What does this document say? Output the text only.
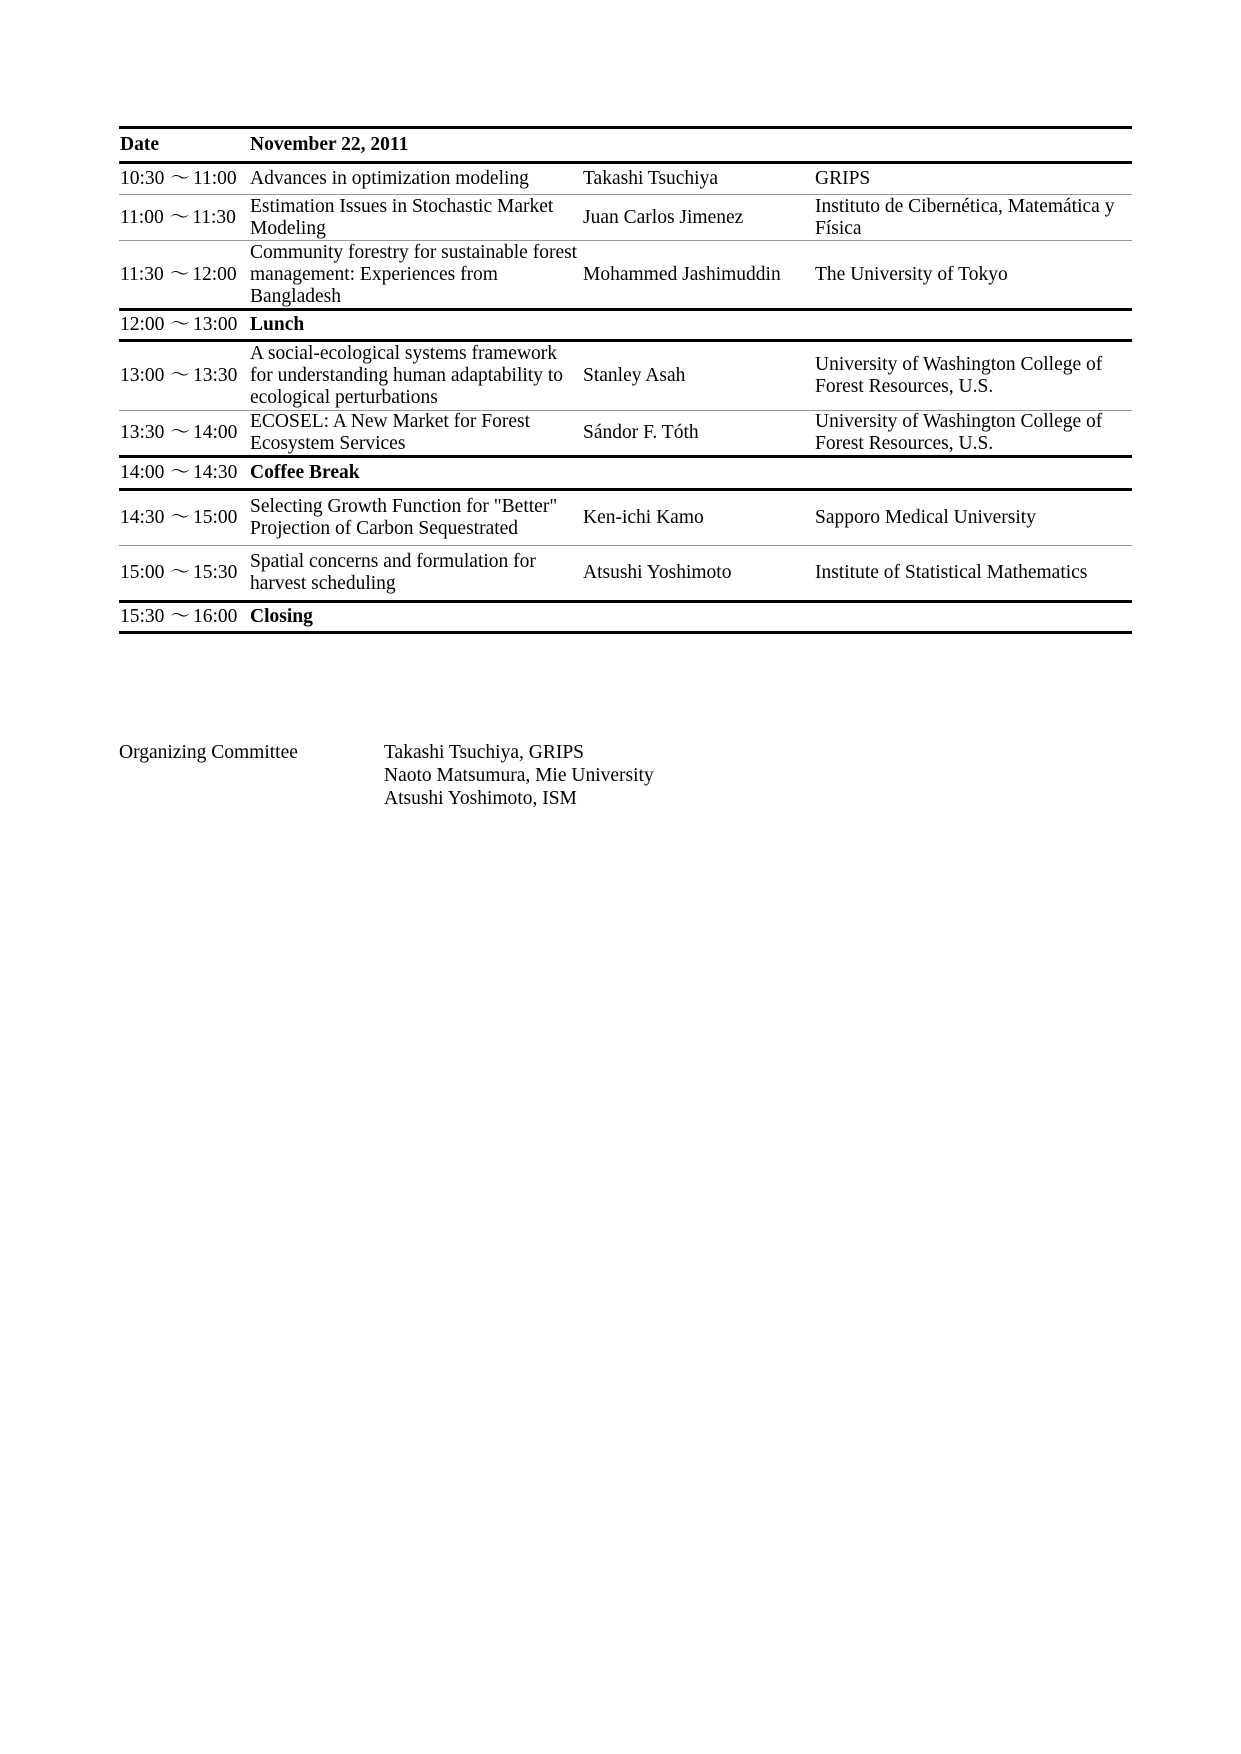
Date	November 22, 2011		
10:30 〜 11:00	Advances in optimization modeling	Takashi Tsuchiya	GRIPS
11:00 〜 11:30	Estimation Issues in Stochastic Market Modeling	Juan Carlos Jimenez	Instituto de Cibernética, Matemática y Física
11:30 〜 12:00	Community forestry for sustainable forest management: Experiences from Bangladesh	Mohammed Jashimuddin	The University of Tokyo
12:00 〜 13:00	Lunch		
13:00 〜 13:30	A social-ecological systems framework for understanding human adaptability to ecological perturbations	Stanley Asah	University of Washington College of Forest Resources, U.S.
13:30 〜 14:00	ECOSEL: A New Market for Forest Ecosystem Services	Sándor F. Tóth	University of Washington College of Forest Resources, U.S.
14:00 〜 14:30	Coffee Break		
14:30 〜 15:00	Selecting Growth Function for "Better" Projection of Carbon Sequestrated	Ken-ichi Kamo	Sapporo Medical University
15:00 〜 15:30	Spatial concerns and formulation for harvest scheduling	Atsushi Yoshimoto	Institute of Statistical Mathematics
15:30 〜 16:00	Closing		
Organizing Committee	Takashi Tsuchiya, GRIPS
Naoto Matsumura, Mie University
Atsushi Yoshimoto, ISM
